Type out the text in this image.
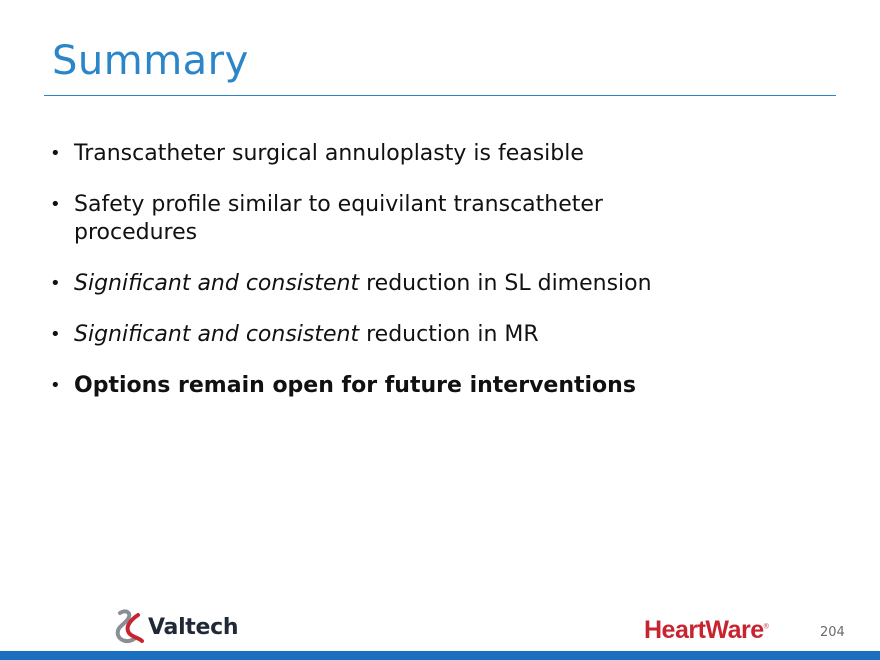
Summary
• Transcatheter surgical annuloplasty is feasible
• Safety profile similar to equivilant transcatheter procedures
• Significant and consistent reduction in SL dimension
• Significant and consistent reduction in MR
• Options remain open for future interventions
Valtech	HeartWare®	204
